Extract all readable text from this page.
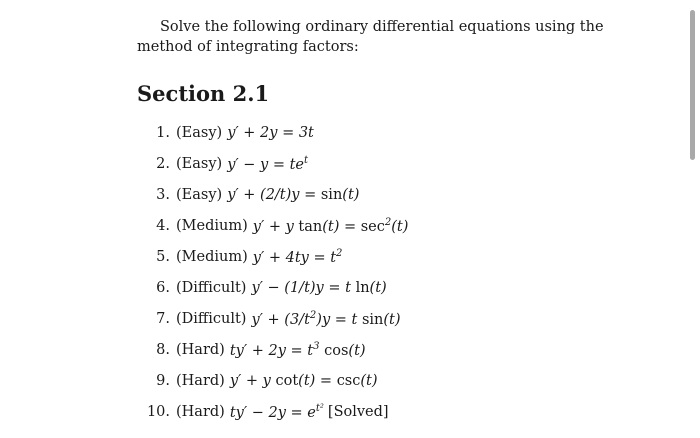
Solve the following ordinary differential equations using the method of integrating factors:

Section 2.1
1. (Easy) y′ + 2y = 3t
2. (Easy) $y' - y = te^t$
3. (Easy) y′ + (2/t)y = sin(t)
4. (Medium) y′ + y $\tan(t) = \sec^2(t)$
5. (Medium) $y' + 4ty = t^2$
6. (Difficult) y′ − (1/t)y = t ln(t)
7. (Difficult) $y' + (3/t^2)y = t$ sin(t)
8. (Hard) $ty' + 2y = t^3$ cos(t)
9. (Hard) y′ + y cot(t) = csc(t)
10. (Hard) $ty' - 2y = e^{t^2}$ [Solved]
